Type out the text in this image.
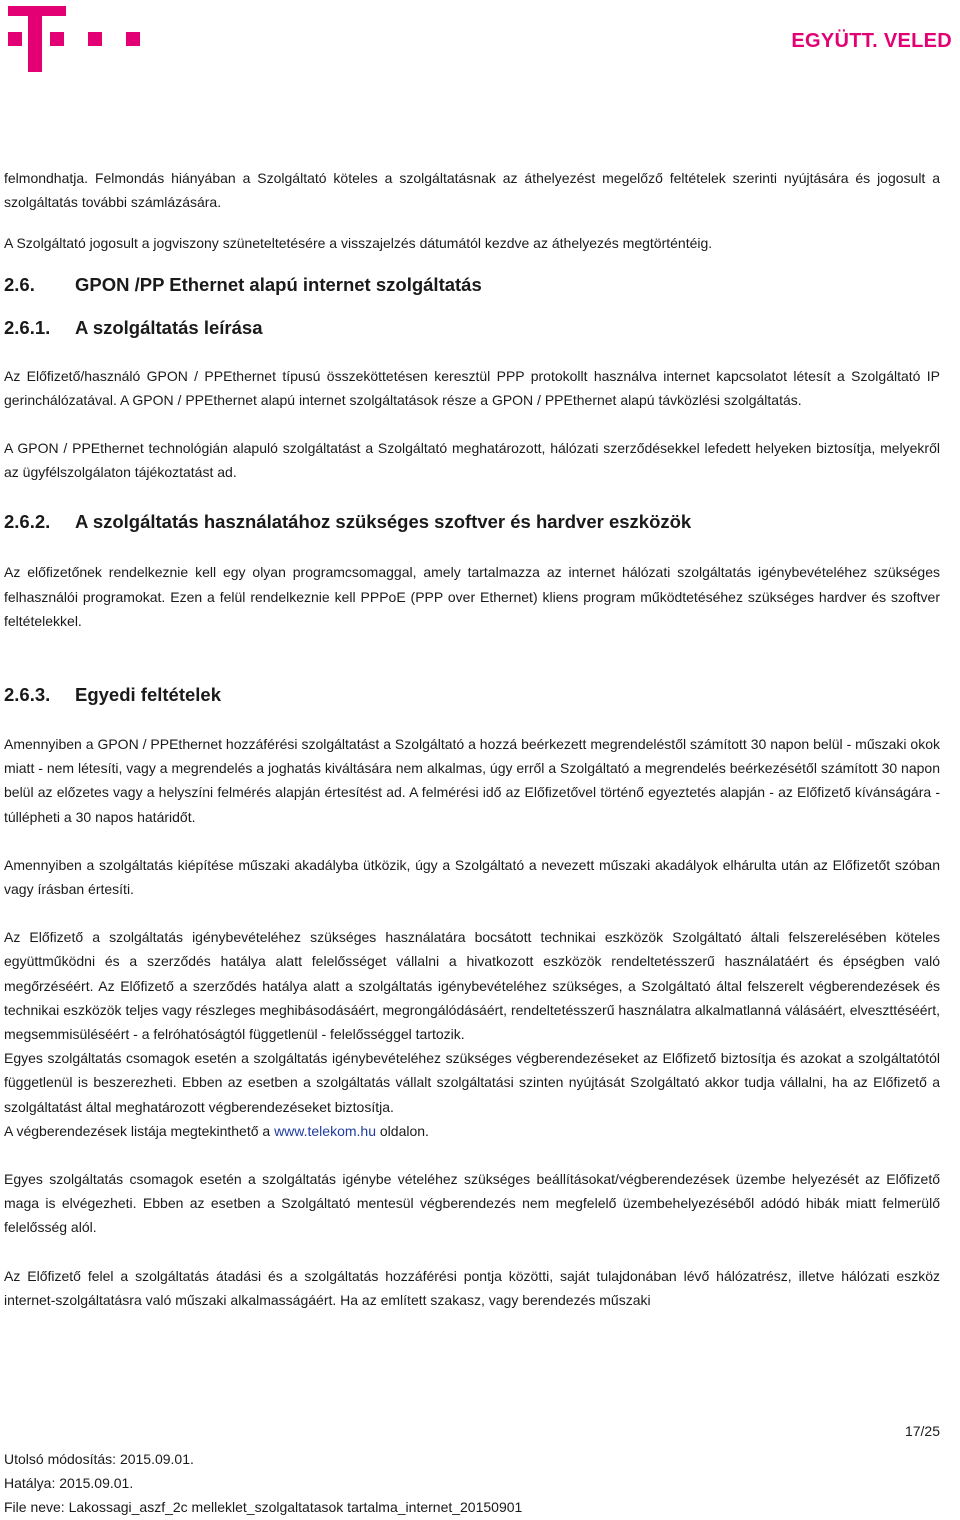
EGYÜTT. VELED

felmondhatja. Felmondás hiányában a Szolgáltató köteles a szolgáltatásnak az áthelyezést megelőző feltételek szerinti nyújtására és jogosult a szolgáltatás további számlázására.

A Szolgáltató jogosult a jogviszony szüneteltetésére a visszajelzés dátumától kezdve az áthelyezés megtörténtéig.

2.6. GPON /PP Ethernet alapú internet szolgáltatás
2.6.1. A szolgáltatás leírása

Az Előfizető/használó GPON / PPEthernet típusú összeköttetésen keresztül PPP protokollt használva internet kapcsolatot létesít a Szolgáltató IP gerinchálózatával. A GPON / PPEthernet alapú internet szolgáltatások része a GPON / PPEthernet alapú távközlési szolgáltatás.

A GPON / PPEthernet technológián alapuló szolgáltatást a Szolgáltató meghatározott, hálózati szerződésekkel lefedett helyeken biztosítja, melyekről az ügyfélszolgálaton tájékoztatást ad.

2.6.2. A szolgáltatás használatához szükséges szoftver és hardver eszközök

Az előfizetőnek rendelkeznie kell egy olyan programcsomaggal, amely tartalmazza az internet hálózati szolgáltatás igénybevételéhez szükséges felhasználói programokat. Ezen a felül rendelkeznie kell PPPoE (PPP over Ethernet) kliens program működtetéséhez szükséges hardver és szoftver feltételekkel.

2.6.3. Egyedi feltételek

Amennyiben a GPON / PPEthernet hozzáférési szolgáltatást a Szolgáltató a hozzá beérkezett megrendeléstől számított 30 napon belül - műszaki okok miatt - nem létesíti, vagy a megrendelés a joghatás kiváltására nem alkalmas, úgy erről a Szolgáltató a megrendelés beérkezésétől számított 30 napon belül az előzetes vagy a helyszíni felmérés alapján értesítést ad. A felmérési idő az Előfizetővel történő egyeztetés alapján - az Előfizető kívánságára - túllépheti a 30 napos határidőt.

Amennyiben a szolgáltatás kiépítése műszaki akadályba ütközik, úgy a Szolgáltató a nevezett műszaki akadályok elhárulta után az Előfizetőt szóban vagy írásban értesíti.

Az Előfizető a szolgáltatás igénybevételéhez szükséges használatára bocsátott technikai eszközök Szolgáltató általi felszerelésében köteles együttműködni és a szerződés hatálya alatt felelősséget vállalni a hivatkozott eszközök rendeltetésszerű használatáért és épségben való megőrzéséért. Az Előfizető a szerződés hatálya alatt a szolgáltatás igénybevételéhez szükséges, a Szolgáltató által felszerelt végberendezések és technikai eszközök teljes vagy részleges meghibásodásáért, megrongálódásáért, rendeltetésszerű használatra alkalmatlanná válásáért, elveszttéséért, megsemmisüléséért - a felróhatóságtól függetlenül - felelősséggel tartozik.

Egyes szolgáltatás csomagok esetén a szolgáltatás igénybevételéhez szükséges végberendezéseket az Előfizető biztosítja és azokat a szolgáltatótól függetlenül is beszerezheti. Ebben az esetben a szolgáltatás vállalt szolgáltatási szinten nyújtását Szolgáltató akkor tudja vállalni, ha az Előfizető a szolgáltatást által meghatározott végberendezéseket biztosítja.

A végberendezések listája megtekinthető a www.telekom.hu oldalon.

Egyes szolgáltatás csomagok esetén a szolgáltatás igénybe vételéhez szükséges beállításokat/végberendezések üzembe helyezését az Előfizető maga is elvégezheti. Ebben az esetben a Szolgáltató mentesül végberendezés nem megfelelő üzembehelyezéséből adódó hibák miatt felmerülő felelősség alól.

Az Előfizető felel a szolgáltatás átadási és a szolgáltatás hozzáférési pontja közötti, saját tulajdonában lévő hálózatrész, illetve hálózati eszköz internet-szolgáltatásra való műszaki alkalmasságáért. Ha az említett szakasz, vagy berendezés műszaki

17/25
Utolsó módosítás: 2015.09.01.
Hatálya: 2015.09.01.
File neve: Lakossagi_aszf_2c melleklet_szolgaltatasok tartalma_internet_20150901
